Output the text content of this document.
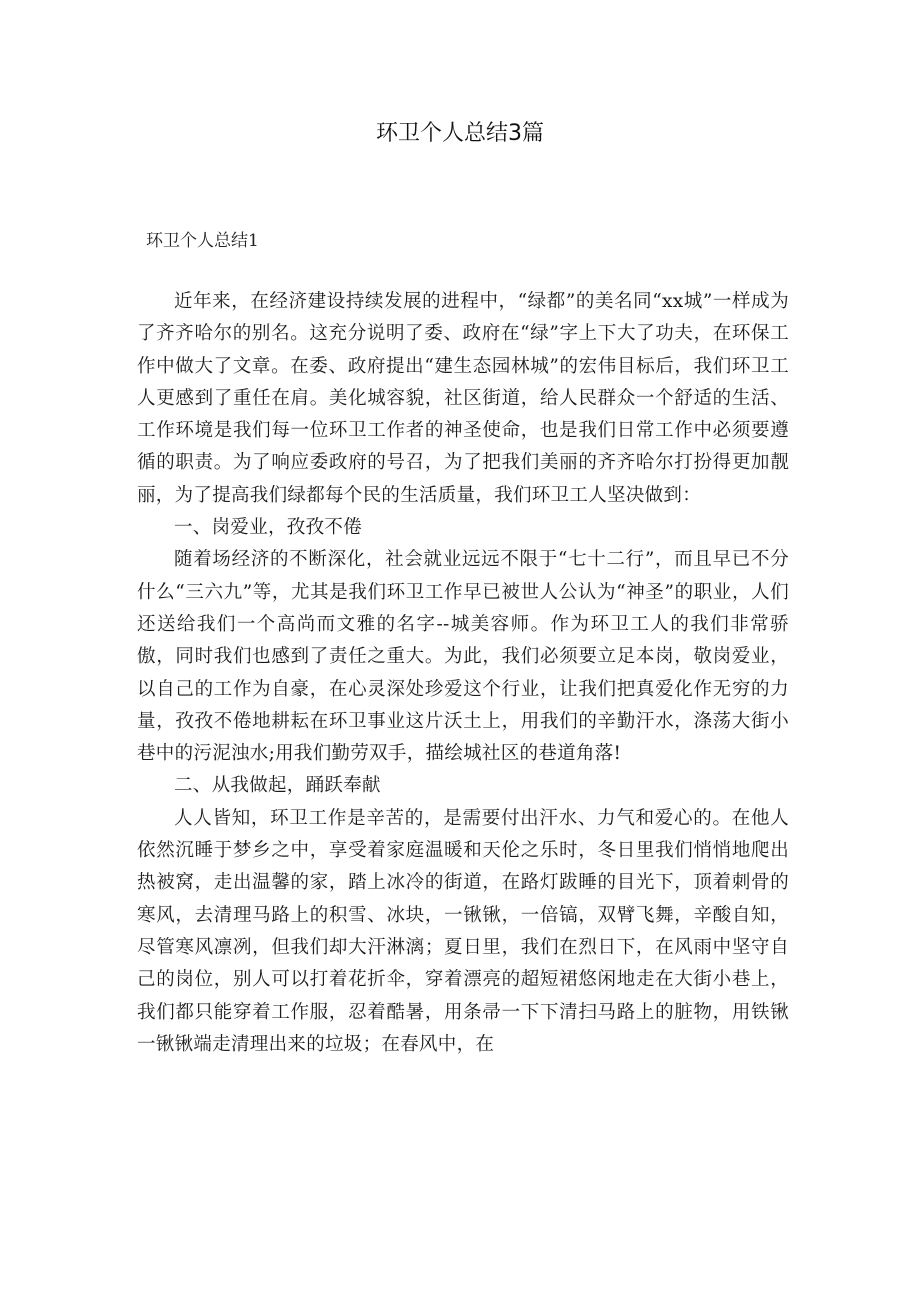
环卫个人总结3篇
环卫个人总结1

近年来，在经济建设持续发展的进程中，“绿都”的美名同“xx城”一样成为了齐齐哈尔的别名。这充分说明了委、政府在“绿”字上下大了功夫，在环保工作中做大了文章。在委、政府提出“建生态园林城”的宏伟目标后，我们环卫工人更感到了重任在肩。美化城容貌，社区街道，给人民群众一个舒适的生活、工作环境是我们每一位环卫工作者的神圣使命，也是我们日常工作中必须要遵循的职责。为了响应委政府的号召，为了把我们美丽的齐齐哈尔打扮得更加靓丽，为了提高我们绿都每个民的生活质量，我们环卫工人坚决做到：

一、岗爱业，孜孜不倦

随着场经济的不断深化，社会就业远远不限于“七十二行”，而且早已不分什么“三六九”等，尤其是我们环卫工作早已被世人公认为“神圣”的职业，人们还送给我们一个高尚而文雅的名字--城美容师。作为环卫工人的我们非常骄傲，同时我们也感到了责任之重大。为此，我们必须要立足本岗，敬岗爱业，以自己的工作为自豪，在心灵深处珍爱这个行业，让我们把真爱化作无穷的力量，孜孜不倦地耕耘在环卫事业这片沃土上，用我们的辛勤汗水，涤荡大街小巷中的污泥浊水;用我们勤劳双手，描绘城社区的巷道角落!

二、从我做起，踊跃奉献

人人皆知，环卫工作是辛苦的，是需要付出汗水、力气和爱心的。在他人依然沉睡于梦乡之中，享受着家庭温暖和天伦之乐时，冬日里我们悄悄地爬出热被窝，走出温馨的家，踏上冰冷的街道，在路灯跋睡的目光下，顶着刺骨的寒风，去清理马路上的积雪、冰块，一锹锹，一倍镐，双臂飞舞，辛酸自知，尽管寒风凛冽，但我们却大汗淋漓；夏日里，我们在烈日下，在风雨中坚守自己的岗位，别人可以打着花折伞，穿着漂亮的超短裙悠闲地走在大街小巷上，我们都只能穿着工作服，忍着酷暑，用条帚一下下清扫马路上的脏物，用铁锹一锹锹端走清理出来的垃圾；在春风中，在
